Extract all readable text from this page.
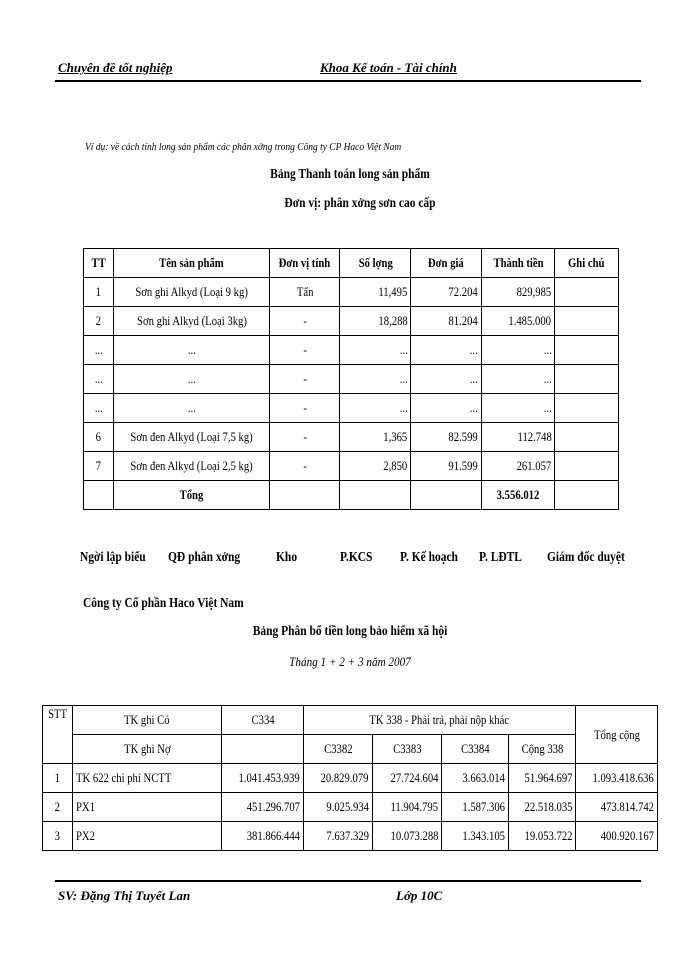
Chuyên đề tốt nghiệp	Khoa Kế toán - Tài chính
Ví dụ: về cách tính long sản phẩm các phân xởng trong Công ty CP Haco Việt Nam
Bảng Thanh toán long sản phẩm
Đơn vị: phân xởng sơn cao cấp
TT	Tên sản phẩm	Đơn vị tính	Số lợng	Đơn giá	Thành tiền	Ghi chú
1	Sơn ghi Alkyd (Loại 9 kg)	Tấn	11,495	72.204	829,985	
2	Sơn ghi Alkyd (Loại 3kg)	-	18,288	81.204	1.485.000	
...	...	-	...	...	...	
...	...	-	...	...	...	
...	...	-	...	...	...	
6	Sơn đen Alkyd (Loại 7,5 kg)	-	1,365	82.599	112.748	
7	Sơn đen Alkyd (Loại 2,5 kg)	-	2,850	91.599	261.057	
	Tổng				3.556.012	
Ngời lập biểu QĐ phân xởng	Kho	P.KCS P. Kế hoạch P. LĐTL Giám đốc duyệt
Công ty Cổ phần Haco Việt Nam
Bảng Phân bổ tiền long bảo hiểm xã hội
Tháng 1 + 2 + 3 năm 2007
STT	TK ghi Có	C334	TK 338 - Phải trả, phải nộp khác				Tổng cộng
	TK ghi Nợ		C3382	C3383	C3384	Cộng 338	
1	TK 622 chi phí NCTT	1.041.453.939	20.829.079	27.724.604	3.663.014	51.964.697	1.093.418.636
2	PX1	451.296.707	9.025.934	11.904.795	1.587.306	22.518.035	473.814.742
3	PX2	381.866.444	7.637.329	10.073.288	1.343.105	19.053.722	400.920.167
SV: Đặng Thị Tuyết Lan	Lớp 10C
